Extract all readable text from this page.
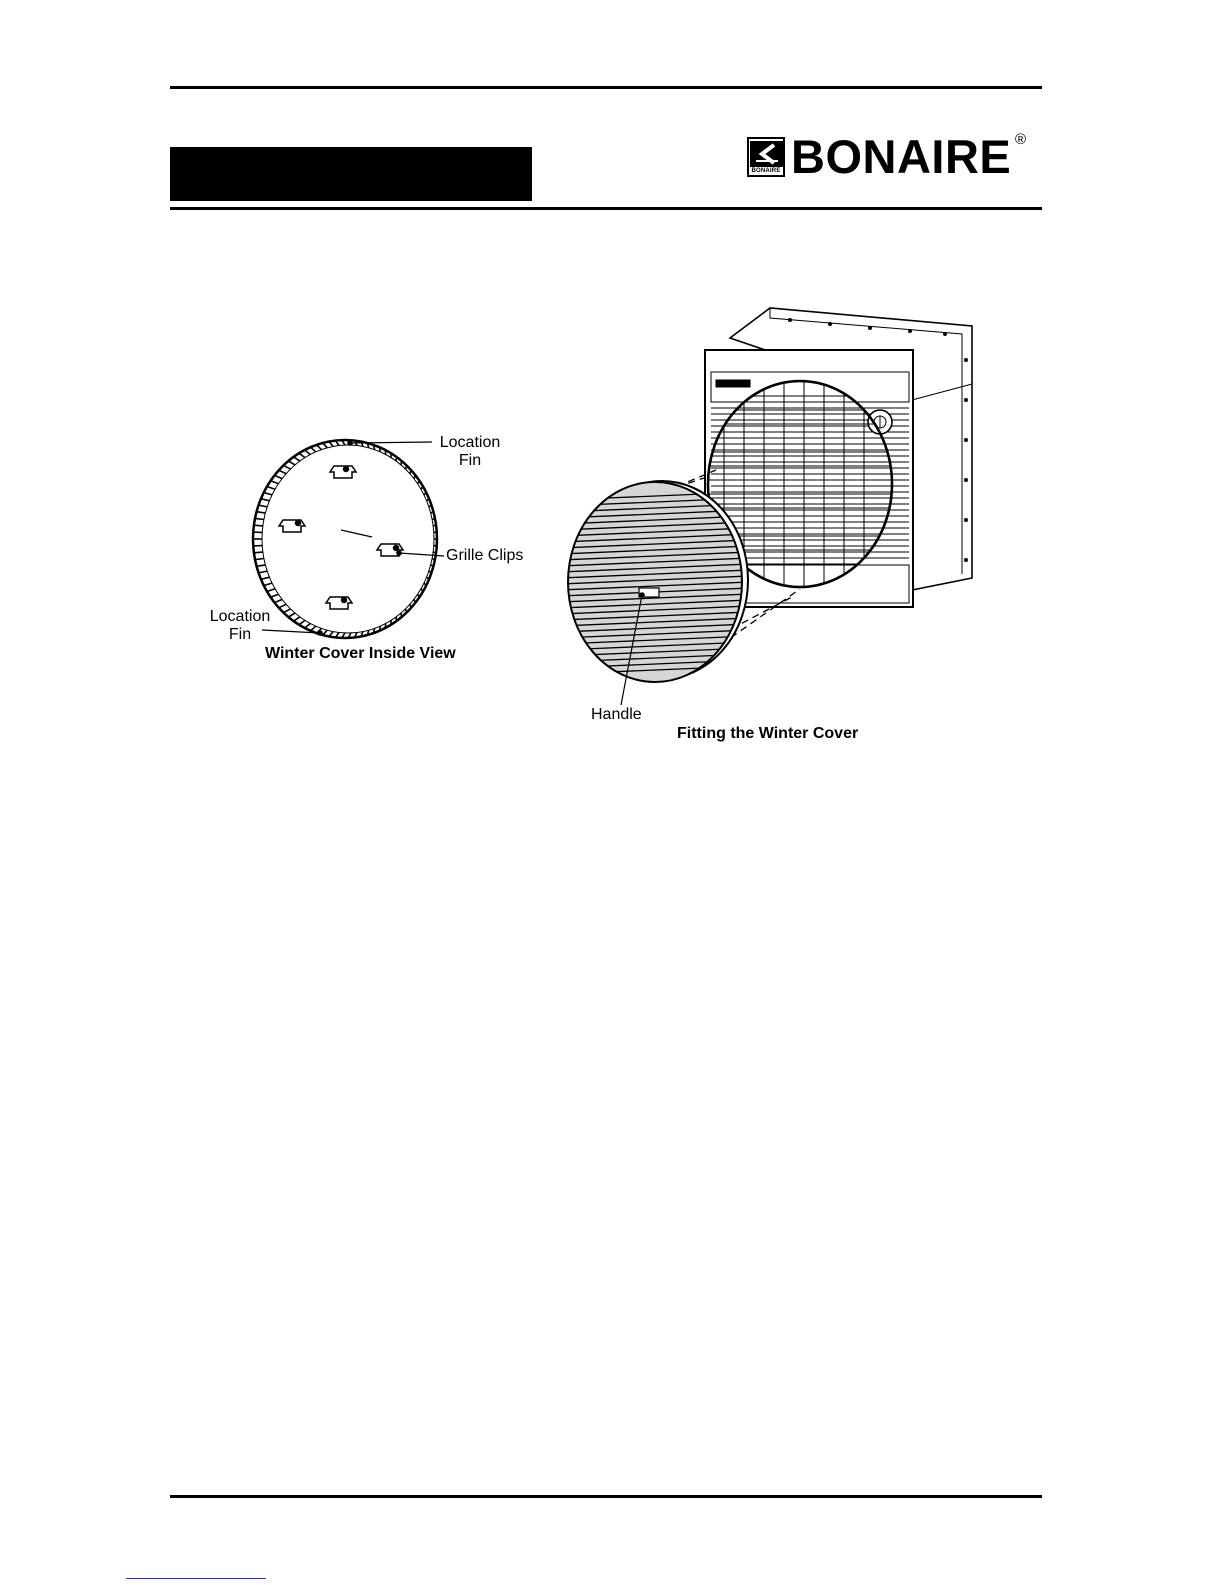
BONAIRE BONAIRE ®
Location
Fin
Grille Clips
Location
Fin
Winter Cover Inside View
Handle
Fitting the Winter Cover
